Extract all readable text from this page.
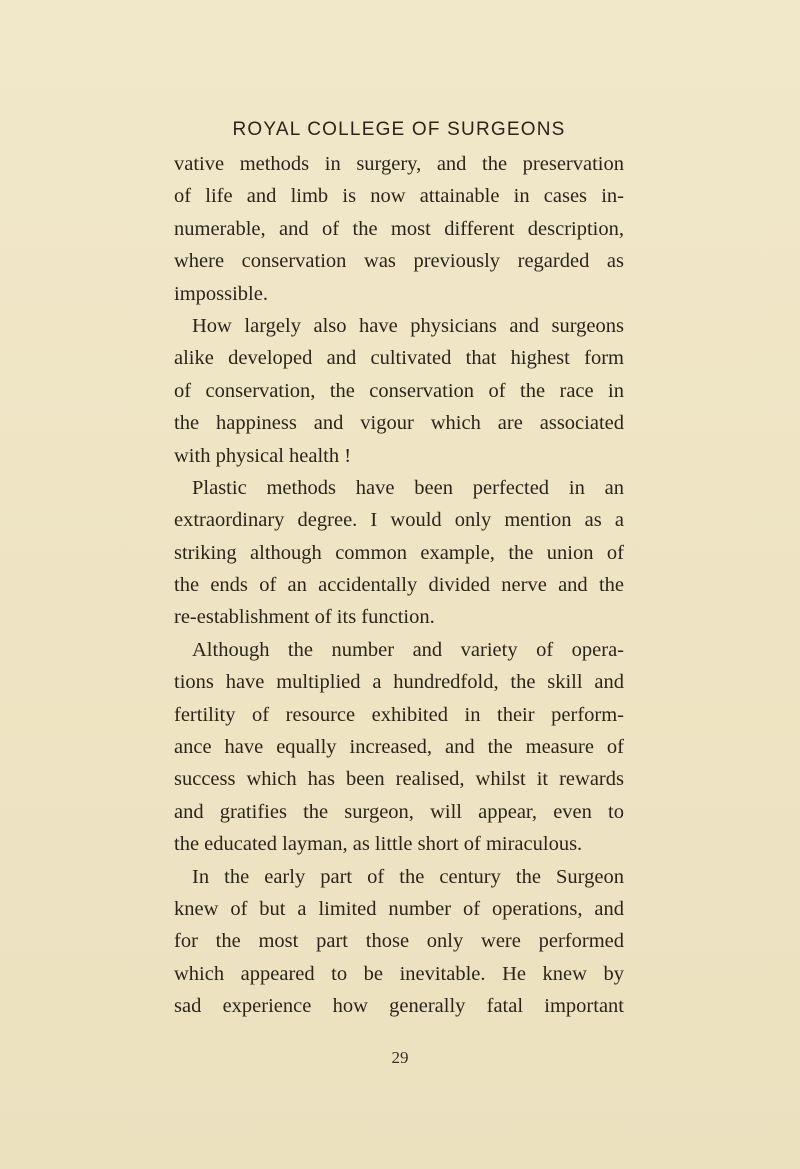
ROYAL COLLEGE OF SURGEONS
vative methods in surgery, and the preservation
of life and limb is now attainable in cases in-
numerable, and of the most different description,
where conservation was previously regarded as
impossible.
How largely also have physicians and surgeons
alike developed and cultivated that highest form
of conservation, the conservation of the race in
the happiness and vigour which are associated
with physical health !
Plastic methods have been perfected in an
extraordinary degree. I would only mention as a
striking although common example, the union of
the ends of an accidentally divided nerve and the
re-establishment of its function.
Although the number and variety of opera-
tions have multiplied a hundredfold, the skill and
fertility of resource exhibited in their perform-
ance have equally increased, and the measure of
success which has been realised, whilst it rewards
and gratifies the surgeon, will appear, even to
the educated layman, as little short of miraculous.
In the early part of the century the Surgeon
knew of but a limited number of operations, and
for the most part those only were performed
which appeared to be inevitable. He knew by
sad experience how generally fatal important
29
